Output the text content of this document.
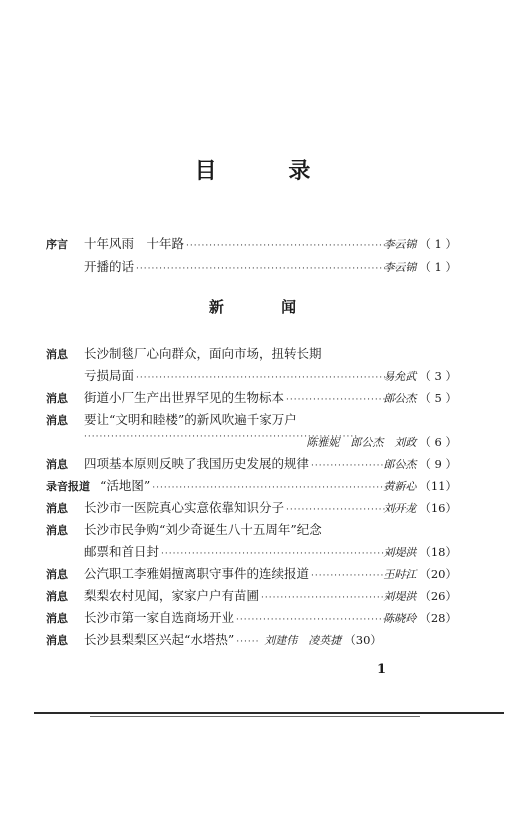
目 录
序言	十年风雨　十年路 ·····	李云锦 （ 1 ）
开播的话 ·····	李云锦 （ 1 ）
新 闻
消息	长沙制毯厂心向群众，面向市场，扭转长期
亏损局面 ·····	易允武 （ 3 ）
消息	街道小厂生产出世界罕见的生物标本 ·····	郎公杰 （ 5 ）
消息	要让“文明和睦楼”的新风吹遍千家万户
·····
陈雅妮　郎公杰　刘政 （ 6 ）
消息	四项基本原则反映了我国历史发展的规律 ·····	郎公杰 （ 9 ）
录音报道 “活地图” ·····	黄新心 （11）
消息	长沙市一医院真心实意依靠知识分子 ·····	刘开龙 （16）
消息	长沙市民争购“刘少奇诞生八十五周年”纪念
邮票和首日封 ·····	刘堤洪 （18）
消息	公汽职工李雅娟擅离职守事件的连续报道 ·····	王时江 （20）
消息	梨梨农村见闻，家家户户有苗圃 ·····	刘堤洪 （26）
消息	长沙市第一家自选商场开业 ·····	陈晓玲 （28）
消息	长沙县梨梨区兴起“水塔热” ·····	刘建伟　凌英捷 （30）
1
